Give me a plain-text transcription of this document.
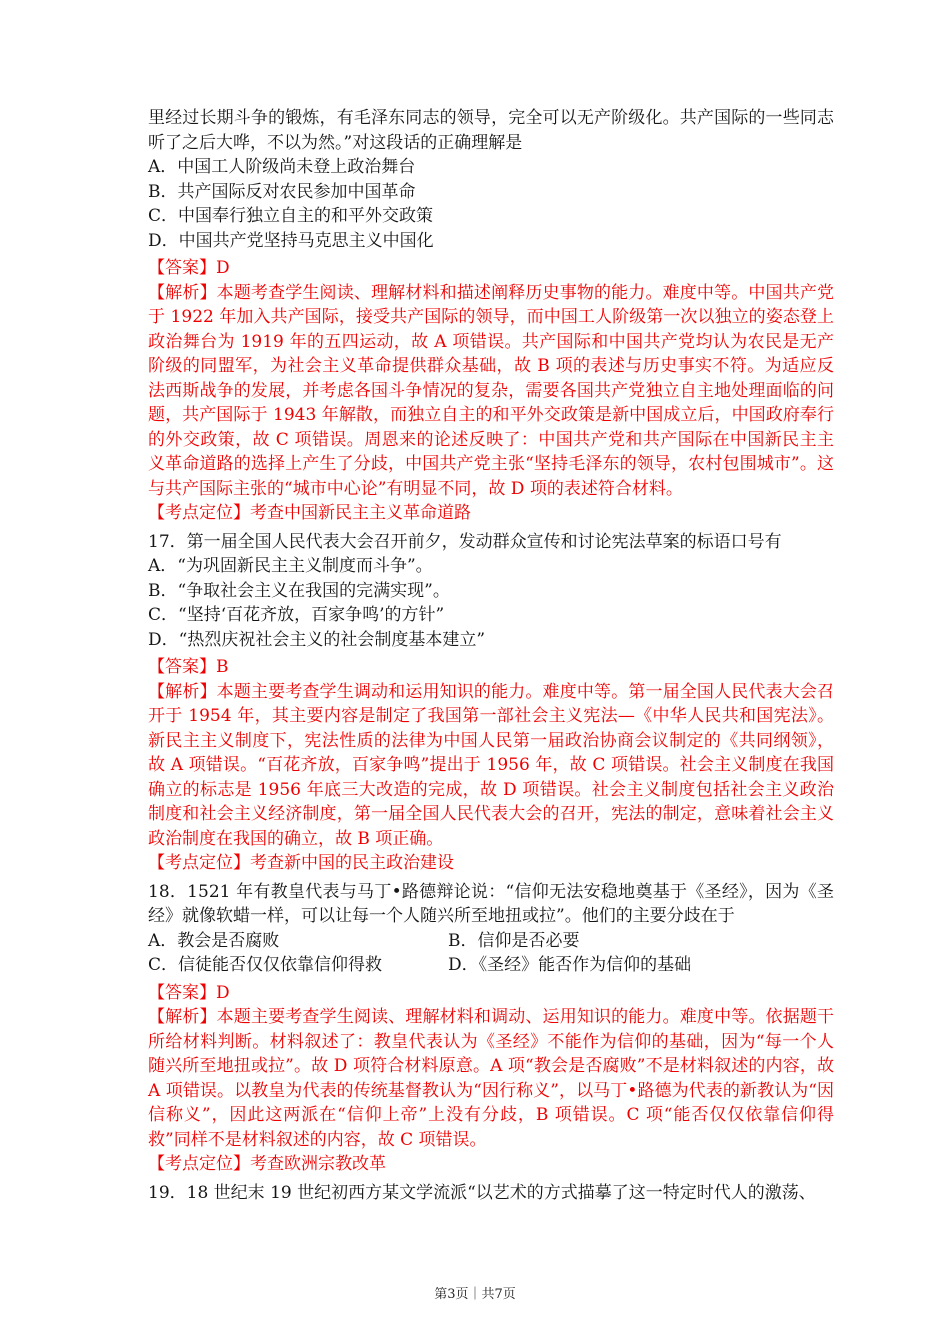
里经过长期斗争的锻炼，有毛泽东同志的领导，完全可以无产阶级化。共产国际的一些同志听了之后大哗，不以为然。”对这段话的正确理解是
A．中国工人阶级尚未登上政治舞台
B．共产国际反对农民参加中国革命
C．中国奉行独立自主的和平外交政策
D．中国共产党坚持马克思主义中国化
【答案】D
【解析】本题考查学生阅读、理解材料和描述阐释历史事物的能力。难度中等。中国共产党于 1922 年加入共产国际，接受共产国际的领导，而中国工人阶级第一次以独立的姿态登上政治舞台为 1919 年的五四运动，故 A 项错误。共产国际和中国共产党均认为农民是无产阶级的同盟军，为社会主义革命提供群众基础，故 B 项的表述与历史事实不符。为适应反法西斯战争的发展，并考虑各国斗争情况的复杂，需要各国共产党独立自主地处理面临的问题，共产国际于 1943 年解散，而独立自主的和平外交政策是新中国成立后，中国政府奉行的外交政策，故 C 项错误。周恩来的论述反映了：中国共产党和共产国际在中国新民主主义革命道路的选择上产生了分歧，中国共产党主张“坚持毛泽东的领导，农村包围城市”。这与共产国际主张的“城市中心论”有明显不同，故 D 项的表述符合材料。
【考点定位】考查中国新民主主义革命道路
17．第一届全国人民代表大会召开前夕，发动群众宣传和讨论宪法草案的标语口号有
A．“为巩固新民主主义制度而斗争”。
B．“争取社会主义在我国的完满实现”。
C．“坚持‘百花齐放，百家争鸣’的方针”
D．“热烈庆祝社会主义的社会制度基本建立”
【答案】B
【解析】本题主要考查学生调动和运用知识的能力。难度中等。第一届全国人民代表大会召开于 1954 年，其主要内容是制定了我国第一部社会主义宪法—《中华人民共和国宪法》。新民主主义制度下，宪法性质的法律为中国人民第一届政治协商会议制定的《共同纲领》，故 A 项错误。“百花齐放，百家争鸣”提出于 1956 年，故 C 项错误。社会主义制度在我国确立的标志是 1956 年底三大改造的完成，故 D 项错误。社会主义制度包括社会主义政治制度和社会主义经济制度，第一届全国人民代表大会的召开，宪法的制定，意味着社会主义政治制度在我国的确立，故 B 项正确。
【考点定位】考查新中国的民主政治建设
18．1521 年有教皇代表与马丁•路德辩论说：“信仰无法安稳地奠基于《圣经》，因为《圣经》就像软蜡一样，可以让每一个人随兴所至地扭或拉”。他们的主要分歧在于
A．教会是否腐败	B．信仰是否必要
C．信徒能否仅仅依靠信仰得救	D．《圣经》能否作为信仰的基础
【答案】D
【解析】本题主要考查学生阅读、理解材料和调动、运用知识的能力。难度中等。依据题干所给材料判断。材料叙述了：教皇代表认为《圣经》不能作为信仰的基础，因为“每一个人随兴所至地扭或拉”。故 D 项符合材料原意。A 项“教会是否腐败”不是材料叙述的内容，故 A 项错误。以教皇为代表的传统基督教认为“因行称义”，以马丁•路德为代表的新教认为“因信称义”，因此这两派在“信仰上帝”上没有分歧，B 项错误。C 项“能否仅仅依靠信仰得救”同样不是材料叙述的内容，故 C 项错误。
【考点定位】考查欧洲宗教改革
19．18 世纪末 19 世纪初西方某文学流派“以艺术的方式描摹了这一特定时代人的激荡、
第3页｜共7页
